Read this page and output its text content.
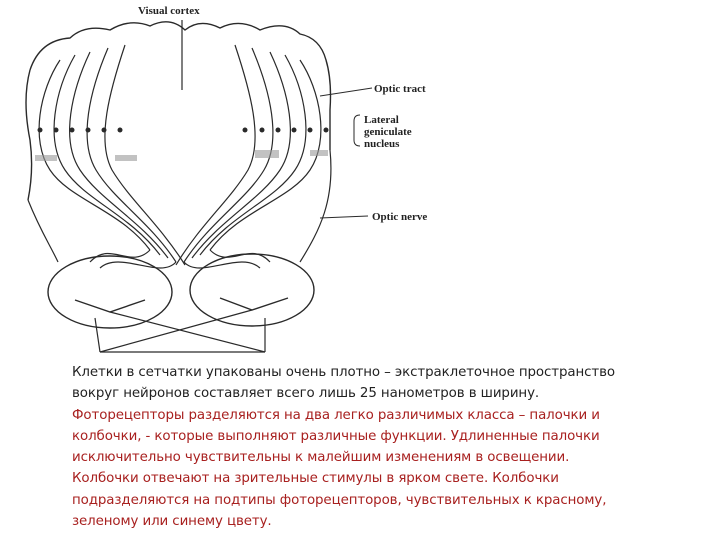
Visual cortex
Optic tract
Lateral
geniculate
nucleus
Optic nerve
Клетки в сетчатки упакованы очень плотно – экстраклеточное пространство
вокруг нейронов составляет всего лишь 25 нанометров в ширину.
Фоторецепторы разделяются на два легко различимых класса – палочки и
колбочки, - которые выполняют различные функции. Удлиненные палочки
исключительно чувствительны к малейшим изменениям в освещении.
Колбочки отвечают на зрительные стимулы в ярком свете. Колбочки
подразделяются на подтипы фоторецепторов, чувствительных к красному,
зеленому или синему цвету.
